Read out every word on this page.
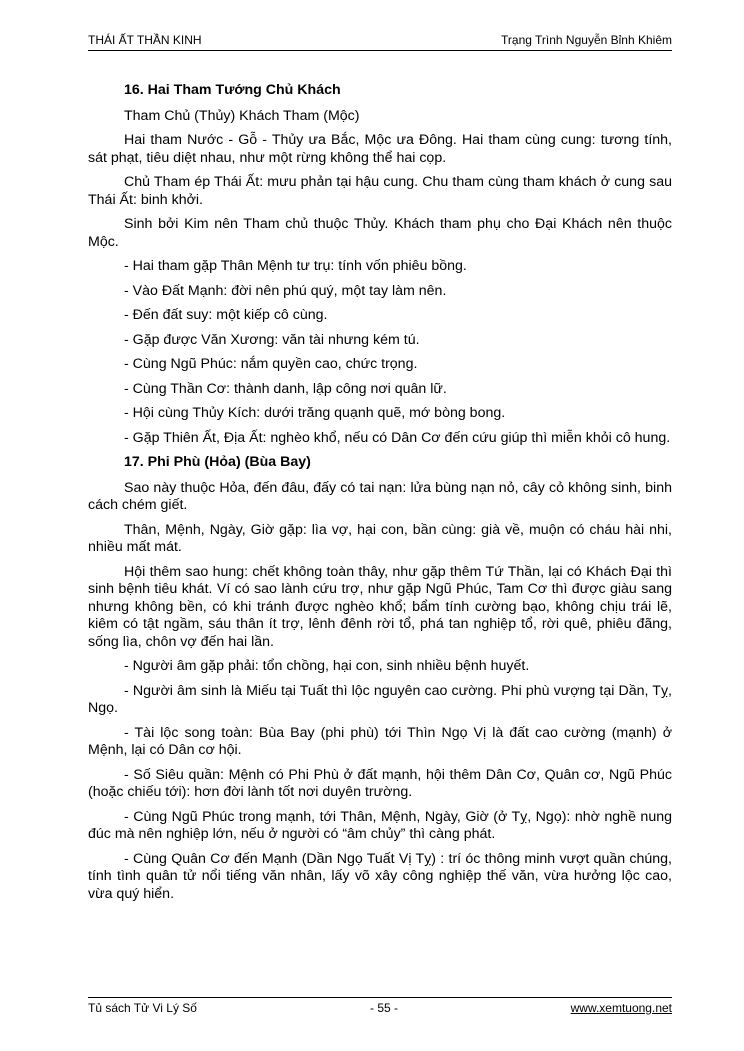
THÁI ẤT THẦN KINH	Trạng Trình Nguyễn Bỉnh Khiêm

16. Hai Tham Tướng Chủ Khách

Tham Chủ (Thủy) Khách Tham (Mộc)

Hai tham Nước - Gỗ - Thủy ưa Bắc, Mộc ưa Đông. Hai tham cùng cung: tương tính, sát phạt, tiêu diệt nhau, như một rừng không thể hai cọp.

Chủ Tham ép Thái Ất: mưu phản tại hậu cung. Chu tham cùng tham khách ở cung sau Thái Ất: binh khởi.

Sinh bởi Kim nên Tham chủ thuộc Thủy. Khách tham phụ cho Đại Khách nên thuộc Mộc.

- Hai tham gặp Thân Mệnh tư trụ: tính vốn phiêu bồng.

- Vào Đất Mạnh: đời nên phú quý, một tay làm nên.

- Đến đất suy: một kiếp cô cùng.

- Gặp được Văn Xương: văn tài nhưng kém tú.

- Cùng Ngũ Phúc: nắm quyền cao, chức trọng.

- Cùng Thần Cơ: thành danh, lập công nơi quân lữ.

- Hội cùng Thủy Kích: dưới trăng quạnh quẽ, mớ bòng bong.

- Gặp Thiên Ất, Địa Ất: nghèo khổ, nếu có Dân Cơ đến cứu giúp thì miễn khỏi cô hung.

17. Phi Phù (Hỏa) (Bùa Bay)

Sao này thuộc Hỏa, đến đâu, đấy có tai nạn: lửa bùng nạn nỏ, cây cỏ không sinh, binh cách chém giết.

Thân, Mệnh, Ngày, Giờ gặp: lìa vợ, hại con, bần cùng: già về, muộn có cháu hài nhi, nhiều mất mát.

Hội thêm sao hung: chết không toàn thây, như gặp thêm Tứ Thần, lại có Khách Đại thì sinh bệnh tiêu khát. Ví có sao lành cứu trợ, như gặp Ngũ Phúc, Tam Cơ thì được giàu sang nhưng không bền, có khi tránh được nghèo khổ; bẩm tính cường bạo, không chịu trái lẽ, kiêm có tật ngầm, sáu thân ít trợ, lênh đênh rời tổ, phá tan nghiệp tổ, rời quê, phiêu đãng, sống lìa, chôn vợ đến hai lần.

- Người âm gặp phải: tổn chồng, hại con, sinh nhiều bệnh huyết.

- Người âm sinh là Miếu tại Tuất thì lộc nguyên cao cường. Phi phù vượng tại Dần, Tỵ, Ngọ.

- Tài lộc song toàn: Bùa Bay (phi phù) tới Thìn Ngọ Vị là đất cao cường (mạnh) ở Mệnh, lại có Dân cơ hội.

- Số Siêu quần: Mệnh có Phi Phù ở đất mạnh, hội thêm Dân Cơ, Quân cơ, Ngũ Phúc (hoặc chiếu tới): hơn đời lành tốt nơi duyên trường.

- Cùng Ngũ Phúc trong mạnh, tới Thân, Mệnh, Ngày, Giờ (ở Tỵ, Ngọ): nhờ nghề nung đúc mà nên nghiệp lớn, nếu ở người có “âm chủy” thì càng phát.

- Cùng Quân Cơ đến Mạnh (Dần Ngọ Tuất Vị Tỵ) : trí óc thông minh vượt quần chúng, tính tình quân tử nổi tiếng văn nhân, lấy võ xây công nghiệp thế văn, vừa hưởng lộc cao, vừa quý hiển.

Tủ sách Tử Vi Lý Số	- 55 -	www.xemtuong.net
